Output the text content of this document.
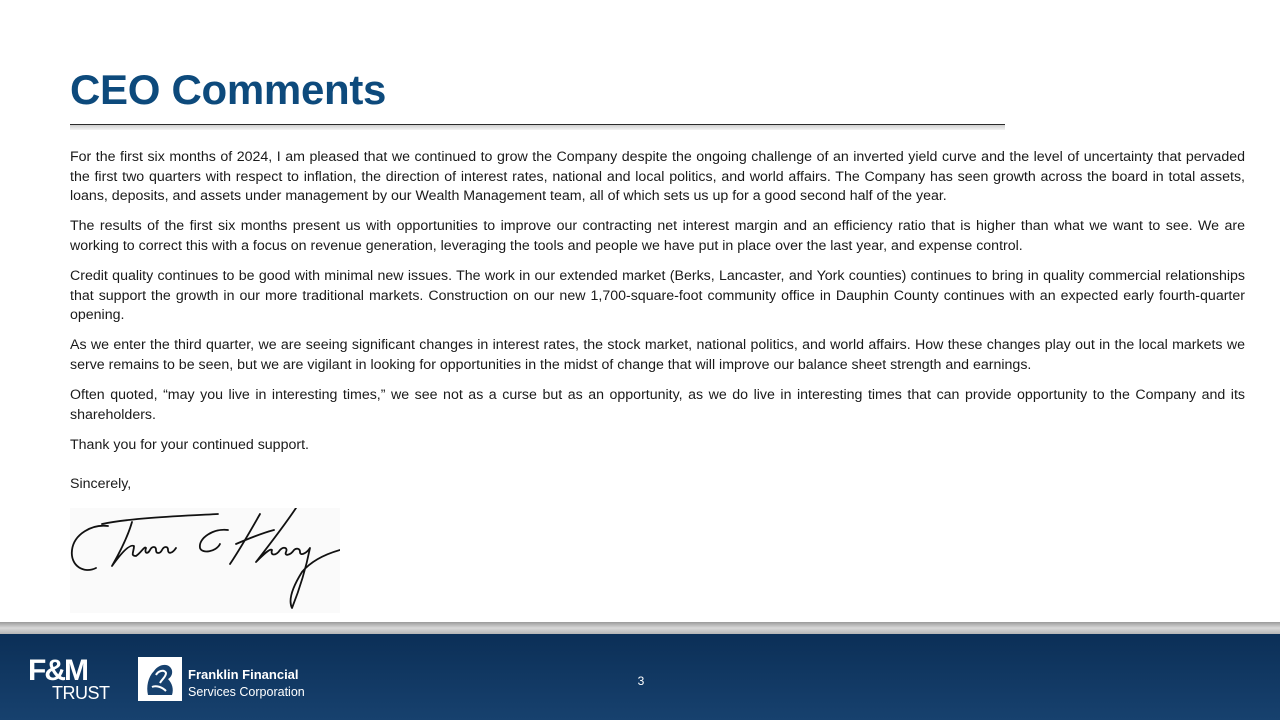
CEO Comments

For the first six months of 2024, I am pleased that we continued to grow the Company despite the ongoing challenge of an inverted yield curve and the level of uncertainty that pervaded the first two quarters with respect to inflation, the direction of interest rates, national and local politics, and world affairs. The Company has seen growth across the board in total assets, loans, deposits, and assets under management by our Wealth Management team, all of which sets us up for a good second half of the year.

The results of the first six months present us with opportunities to improve our contracting net interest margin and an efficiency ratio that is higher than what we want to see. We are working to correct this with a focus on revenue generation, leveraging the tools and people we have put in place over the last year, and expense control.

Credit quality continues to be good with minimal new issues. The work in our extended market (Berks, Lancaster, and York counties) continues to bring in quality commercial relationships that support the growth in our more traditional markets. Construction on our new 1,700-square-foot community office in Dauphin County continues with an expected early fourth-quarter opening.

As we enter the third quarter, we are seeing significant changes in interest rates, the stock market, national politics, and world affairs. How these changes play out in the local markets we serve remains to be seen, but we are vigilant in looking for opportunities in the midst of change that will improve our balance sheet strength and earnings.

Often quoted, “may you live in interesting times,” we see not as a curse but as an opportunity, as we do live in interesting times that can provide opportunity to the Company and its shareholders.

Thank you for your continued support.

Sincerely,

F&M
TRUST
Franklin Financial
Services Corporation
3
